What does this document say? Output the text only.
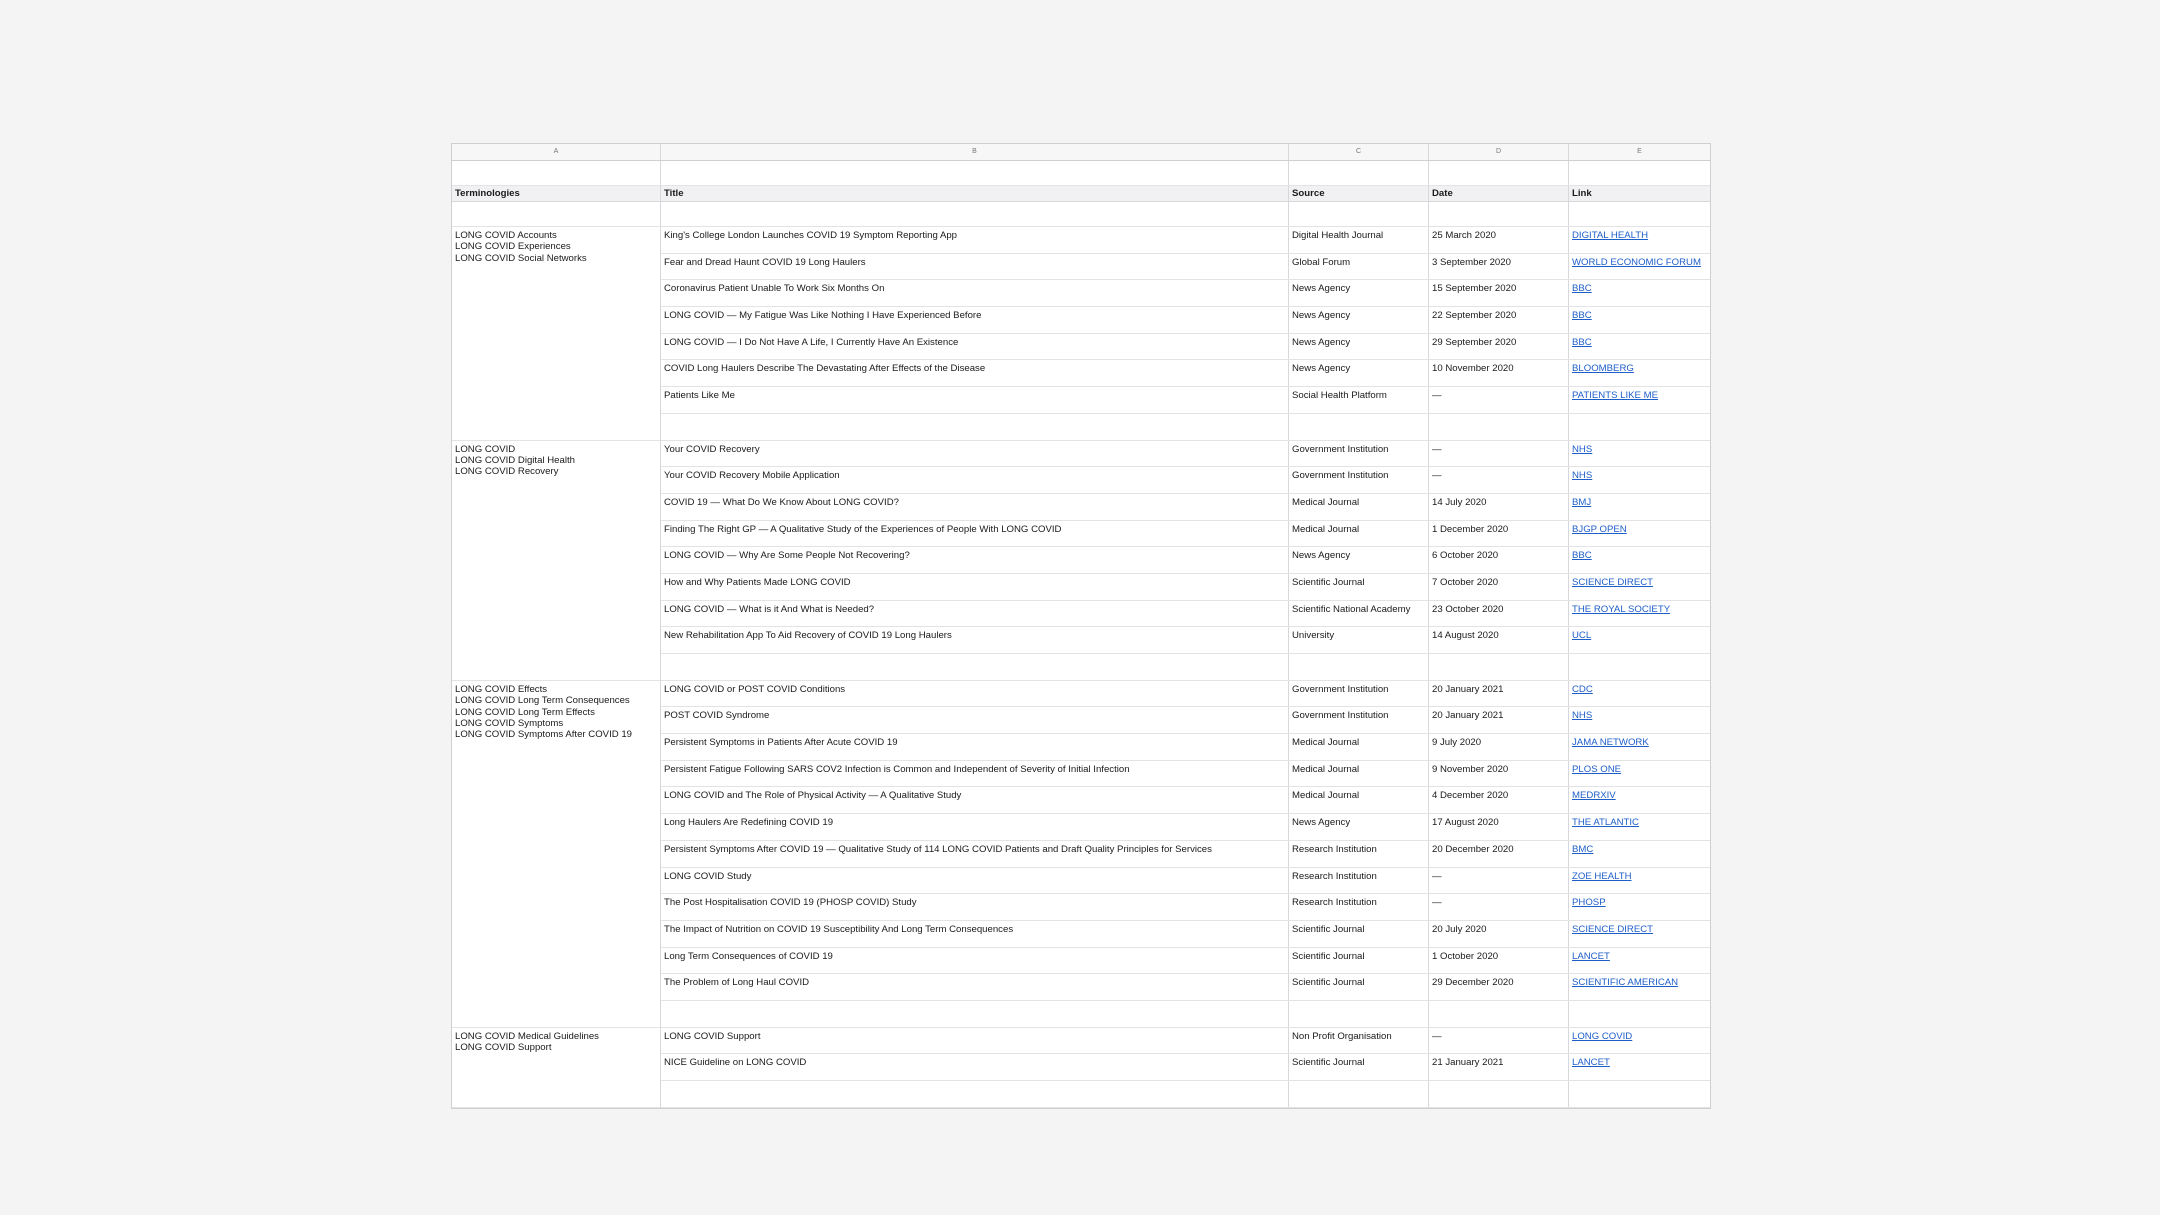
A	B	C	D	E
Terminologies	Title	Source	Date	Link
LONG COVID Accounts
LONG COVID Experiences
LONG COVID Social Networks
King's College London Launches COVID 19 Symptom Reporting App	Digital Health Journal	25 March 2020	DIGITAL HEALTH
Fear and Dread Haunt COVID 19 Long Haulers	Global Forum	3 September 2020	WORLD ECONOMIC FORUM
Coronavirus Patient Unable To Work Six Months On	News Agency	15 September 2020	BBC
LONG COVID — My Fatigue Was Like Nothing I Have Experienced Before	News Agency	22 September 2020	BBC
LONG COVID — I Do Not Have A Life, I Currently Have An Existence	News Agency	29 September 2020	BBC
COVID Long Haulers Describe The Devastating After Effects of the Disease	News Agency	10 November 2020	BLOOMBERG
Patients Like Me	Social Health Platform	—	PATIENTS LIKE ME
LONG COVID
LONG COVID Digital Health
LONG COVID Recovery
Your COVID Recovery	Government Institution	—	NHS
Your COVID Recovery Mobile Application	Government Institution	—	NHS
COVID 19 — What Do We Know About LONG COVID?	Medical Journal	14 July 2020	BMJ
Finding The Right GP — A Qualitative Study of the Experiences of People With LONG COVID	Medical Journal	1 December 2020	BJGP OPEN
LONG COVID — Why Are Some People Not Recovering?	News Agency	6 October 2020	BBC
How and Why Patients Made LONG COVID	Scientific Journal	7 October 2020	SCIENCE DIRECT
LONG COVID — What is it And What is Needed?	Scientific National Academy	23 October 2020	THE ROYAL SOCIETY
New Rehabilitation App To Aid Recovery of COVID 19 Long Haulers	University	14 August 2020	UCL
LONG COVID Effects
LONG COVID Long Term Consequences
LONG COVID Long Term Effects
LONG COVID Symptoms
LONG COVID Symptoms After COVID 19
LONG COVID or POST COVID Conditions	Government Institution	20 January 2021	CDC
POST COVID Syndrome	Government Institution	20 January 2021	NHS
Persistent Symptoms in Patients After Acute COVID 19	Medical Journal	9 July 2020	JAMA NETWORK
Persistent Fatigue Following SARS COV2 Infection is Common and Independent of Severity of Initial Infection	Medical Journal	9 November 2020	PLOS ONE
LONG COVID and The Role of Physical Activity — A Qualitative Study	Medical Journal	4 December 2020	MEDRXIV
Long Haulers Are Redefining COVID 19	News Agency	17 August 2020	THE ATLANTIC
Persistent Symptoms After COVID 19 — Qualitative Study of 114 LONG COVID Patients and Draft Quality Principles for Services	Research Institution	20 December 2020	BMC
LONG COVID Study	Research Institution	—	ZOE HEALTH
The Post Hospitalisation COVID 19 (PHOSP COVID) Study	Research Institution	—	PHOSP
The Impact of Nutrition on COVID 19 Susceptibility And Long Term Consequences	Scientific Journal	20 July 2020	SCIENCE DIRECT
Long Term Consequences of COVID 19	Scientific Journal	1 October 2020	LANCET
The Problem of Long Haul COVID	Scientific Journal	29 December 2020	SCIENTIFIC AMERICAN
LONG COVID Medical Guidelines
LONG COVID Support
LONG COVID Support	Non Profit Organisation	—	LONG COVID
NICE Guideline on LONG COVID	Scientific Journal	21 January 2021	LANCET
